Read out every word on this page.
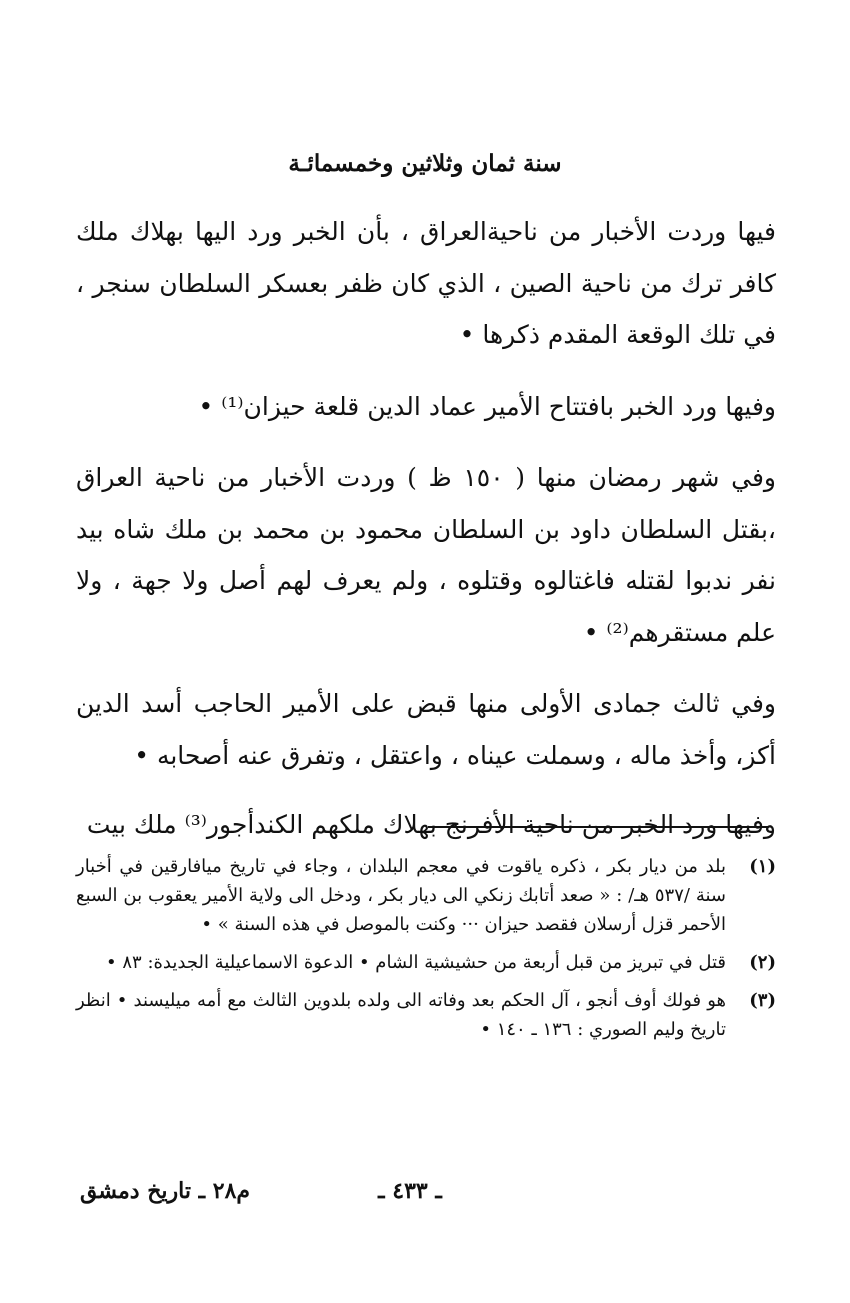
سنة ثمان وثلاثين وخمسمائـة

فيها وردت الأخبار من ناحيةالعراق ، بأن الخبر ورد اليها بهلاك ملك كافر ترك من ناحية الصين ، الذي كان ظفر بعسكر السلطان سنجر ، في تلك الوقعة المقدم ذكرها •

وفيها ورد الخبر بافتتاح الأمير عماد الدين قلعة حيزان⁽¹⁾ •

وفي شهر رمضان منها ( ١٥٠ ظ ) وردت الأخبار من ناحية العراق ،بقتل السلطان داود بن السلطان محمود بن محمد بن ملك شاه بيد نفر ندبوا لقتله فاغتالوه وقتلوه ، ولم يعرف لهم أصل ولا جهة ، ولا علم مستقرهم⁽²⁾ •

وفي ثالث جمادى الأولى منها قبض على الأمير الحاجب أسد الدين أكز، وأخذ ماله ، وسملت عيناه ، واعتقل ، وتفرق عنه أصحابه •

وفيها ورد الخبر من ناحية الأفرنج بهلاك ملكهم الكندأجور⁽³⁾ ملك بيت

(١)
بلد من ديار بكر ، ذكره ياقوت في معجم البلدان ، وجاء في تاريخ ميافارقين في أخبار سنة /٥٣٧ هـ/ : « صعد أتابك زنكي الى ديار بكر ، ودخل الى ولاية الأمير يعقوب بن السبع الأحمر قزل أرسلان فقصد حيزان ··· وكنت بالموصل في هذه السنة » •
(٢)
قتل في تبريز من قبل أربعة من حشيشية الشام • الدعوة الاسماعيلية الجديدة: ٨٣ •
(٣)
هو فولك أوف أنجو ، آل الحكم بعد وفاته الى ولده بلدوين الثالث مع أمه ميليسند • انظر تاريخ وليم الصوري : ١٣٦ ـ ١٤٠ •
ـ ٤٣٣ ـ
م٢٨ ـ تاريخ دمشق
